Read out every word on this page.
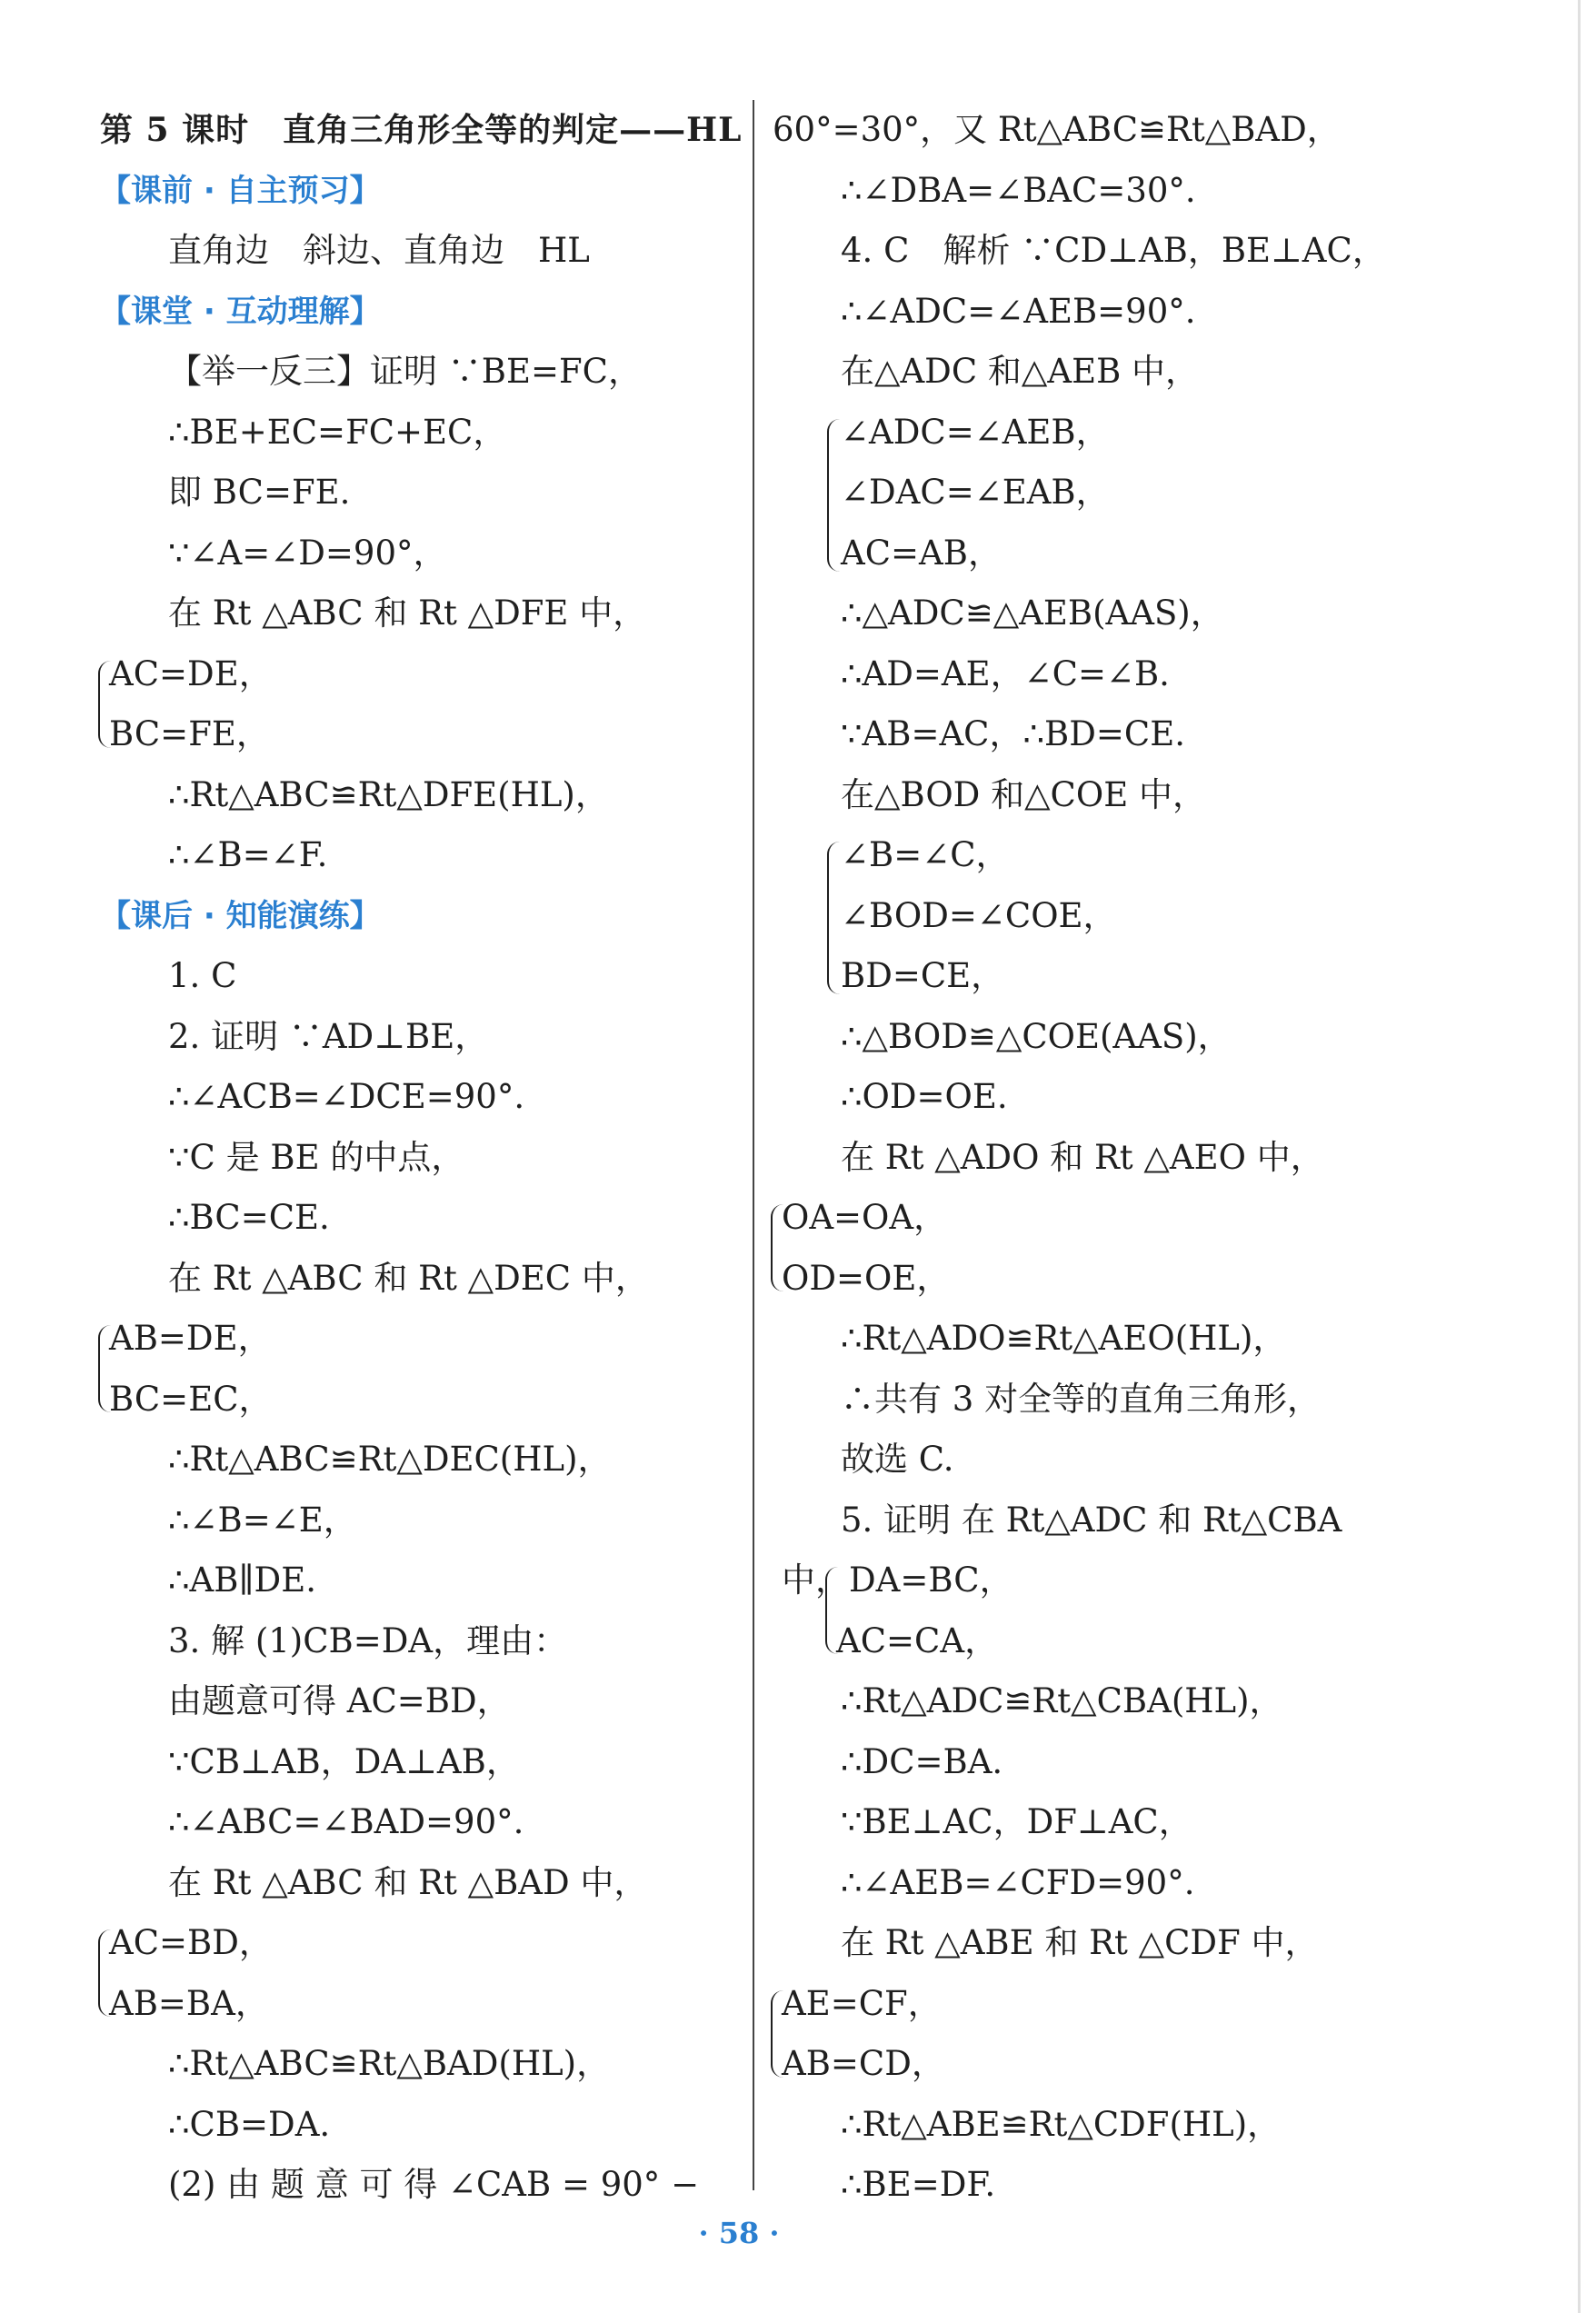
第 5 课时　直角三角形全等的判定——HL
【课前 · 自主预习】
直角边　斜边、直角边　HL
【课堂 · 互动理解】
【举一反三】证明 ∵BE=FC，
∴BE+EC=FC+EC，
即 BC=FE.
∵∠A=∠D=90°，
在 Rt △ABC 和 Rt △DFE 中，
AC=DE，
BC=FE，
∴Rt△ABC≌Rt△DFE(HL)，
∴∠B=∠F.
【课后 · 知能演练】
1. C
2. 证明 ∵AD⊥BE，
∴∠ACB=∠DCE=90°.
∵C 是 BE 的中点，
∴BC=CE.
在 Rt △ABC 和 Rt △DEC 中，
AB=DE，
BC=EC，
∴Rt△ABC≌Rt△DEC(HL)，
∴∠B=∠E，
∴AB∥DE.
3. 解 (1)CB=DA，理由：
由题意可得 AC=BD，
∵CB⊥AB，DA⊥AB，
∴∠ABC=∠BAD=90°.
在 Rt △ABC 和 Rt △BAD 中，
AC=BD，
AB=BA，
∴Rt△ABC≌Rt△BAD(HL)，
∴CB=DA.
(2) 由 题 意 可 得 ∠CAB = 90° −
60°=30°，又 Rt△ABC≌Rt△BAD，
∴∠DBA=∠BAC=30°.
4. C　解析 ∵CD⊥AB，BE⊥AC，
∴∠ADC=∠AEB=90°.
在△ADC 和△AEB 中，
∠ADC=∠AEB，
∠DAC=∠EAB，
AC=AB，
∴△ADC≌△AEB(AAS)，
∴AD=AE，∠C=∠B.
∵AB=AC，∴BD=CE.
在△BOD 和△COE 中，
∠B=∠C，
∠BOD=∠COE，
BD=CE，
∴△BOD≌△COE(AAS)，
∴OD=OE.
在 Rt △ADO 和 Rt △AEO 中，
OA=OA，
OD=OE，
∴Rt△ADO≌Rt△AEO(HL)，
∴共有 3 对全等的直角三角形，
故选 C.
5. 证明 在 Rt△ADC 和 Rt△CBA
中，DA=BC，
AC=CA，
∴Rt△ADC≌Rt△CBA(HL)，
∴DC=BA.
∵BE⊥AC，DF⊥AC，
∴∠AEB=∠CFD=90°.
在 Rt △ABE 和 Rt △CDF 中，
AE=CF，
AB=CD，
∴Rt△ABE≌Rt△CDF(HL)，
∴BE=DF.
· 58 ·
